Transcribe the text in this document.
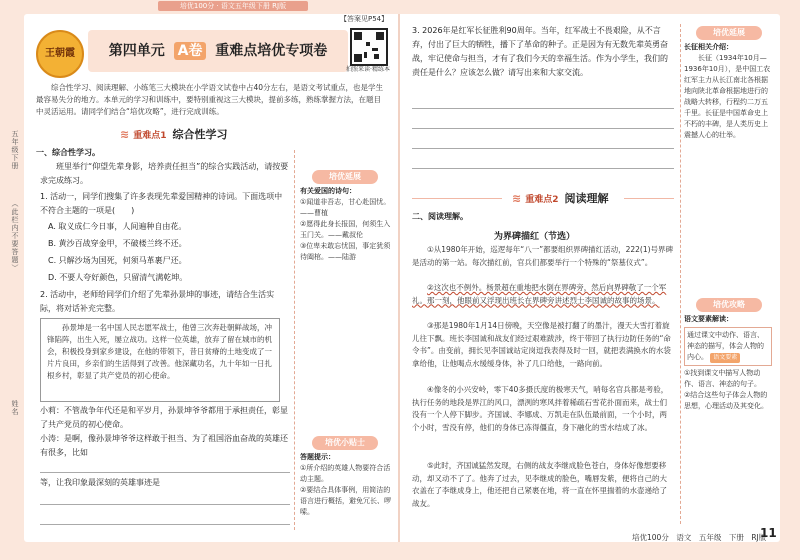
培优100分 · 语文五年级下册 RJ版
五年级下册
（此栏内不要答题）
姓名
【答案见P54】
王朝霞	第四单元 A卷 重难点培优专项卷
拍照来读·精练本
综合性学习、阅读理解、小练笔三大模块在小学语文试卷中占40分左右，是语文考试重点，也是学生最容易失分的地方。本单元的学习和训练中，要特别重视这三大模块，提前多练，熟练掌握方法，在题目中灵活运用。请同学们结合“培优攻略”，进行完成训练。
≋ 重难点1 综合性学习
一、综合性学习。
班里举行“仰望先辈身影，培养责任担当”的综合实践活动，请按要求完成练习。
1. 活动一，同学们搜集了许多表现先辈爱国精神的诗词。下面选项中不符合主题的一项是(　　)
A. 取义成仁今日事，人间遍种自由花。
B. 黄沙百战穿金甲，不破楼兰终不还。
C. 只解沙场为国死，何须马革裹尸还。
D. 不要人夸好颜色，只留清气满乾坤。
2. 活动中，老师给同学们介绍了先辈孙景坤的事迹，请结合生活实际，将对话补充完整。
孙景坤是一名中国人民志愿军战士，他曾三次奔赴朝鲜战场，冲锋陷阵，出生入死，屡立战功。这样一位英雄，放弃了留在城市的机会，积极投身到家乡建设，在他的带领下，昔日贫瘠的土地变成了一片片良田，乡亲们的生活得到了改善。他深藏功名，九十年如一日扎根乡村，彰显了共产党员的初心使命。
小莉：不管战争年代还是和平岁月，孙景坤爷爷都用于承担责任，彰显了共产党员的初心使命。
小涛：是啊，像孙景坤爷爷这样敢于担当、为了祖国浴血奋战的英雄还有很多，比如
等，让我印象最深刻的英雄事迹是
培优延展
有关爱国的诗句：
①闻道非吾志，甘心赴国忧。——曹植
②愿得此身长报国，何须生入玉门关。——戴叔伦
③位卑未敢忘忧国，事定犹须待阖棺。——陆游
培优小贴士
答题提示：
①所介绍的英雄人物要符合活动主题。
②要结合具体事例，用简洁的语言进行概括，避免冗长、啰嗦。
3. 2026年是红军长征胜利90周年。当年，红军战士不畏艰险，从不言弃，付出了巨大的牺牲，播下了革命的种子。正是因为有无数先辈英勇奋战，牢记使命与担当，才有了我们今天的幸福生活。作为小学生，我们的责任是什么？应该怎么做？请写出来和大家交流。
培优延展
长征相关介绍：
长征（1934年10月—1936年10月），是中国工农红军主力从长江南北各根据地向陕北革命根据地进行的战略大转移，行程约二万五千里。长征是中国革命史上不朽的丰碑，是人类历史上震撼人心的壮举。
≋ 重难点2 阅读理解
二、阅读理解。
为界碑描红（节选）
①从1980年开始，巡逻每年“八一”都要组织界碑描红活动，222(1)号界碑是活动的第一站。每次描红前，官兵们都要举行一个特殊的“祭墓仪式”。
②这次也不例外。杨景超在重地把水倒在界碑旁，然后向界碑敬了一个军礼。那一刻，他眼前又浮现出班长在界碑旁讲述烈士李国诚的故事的场景。
③那是1980年1月14日傍晚，天空像是被打翻了的墨汁，漫天大雪打着旋儿往下飘。班长李国诚和战友们经过艰难跋涉，终于带回了执行边防任务的“命令书”。由变前，拥长见李国诚站定岗逗我表得及时一回，就把表满换水的水袋拿给他，让他喝点水缓缓身体，补了几口给他，一路向前。
④像冬的小兴安岭，零下40多摄氏度的极寒天气，哨每名官兵都是考验，执行任务的地段是界江的风口，漂洌的寒风拌着稀疏石雪花扑面而来，战士们没有一个人停下脚步。齐国诚、李娜成、万凯走在队伍最前面，一个小时，两个小时，雪没有停，他们的身体已冻得僵直，身下融化的雪水结成了冰。
⑤此时，齐国诚猛然发现，右侧的战友李继成脸色苍白，身体好像想要移动，却又动不了了。他奔了过去，见李继成的脸色，嘴唇发紫，便将自己的大衣盖在了李继成身上，他还把自己紧裹在地，将一直在怀里揣着的水壶递给了战友。
培优攻略
语文要素解读：
通过课文中动作、语言、神态的描写，体会人物的内心。 语文要素
①找到课文中描写人物动作、语言、神态的句子。
②结合这些句子体会人物的思想，心理活动及其变化。
培优100分　语文　五年级　下册　RJ版
11
